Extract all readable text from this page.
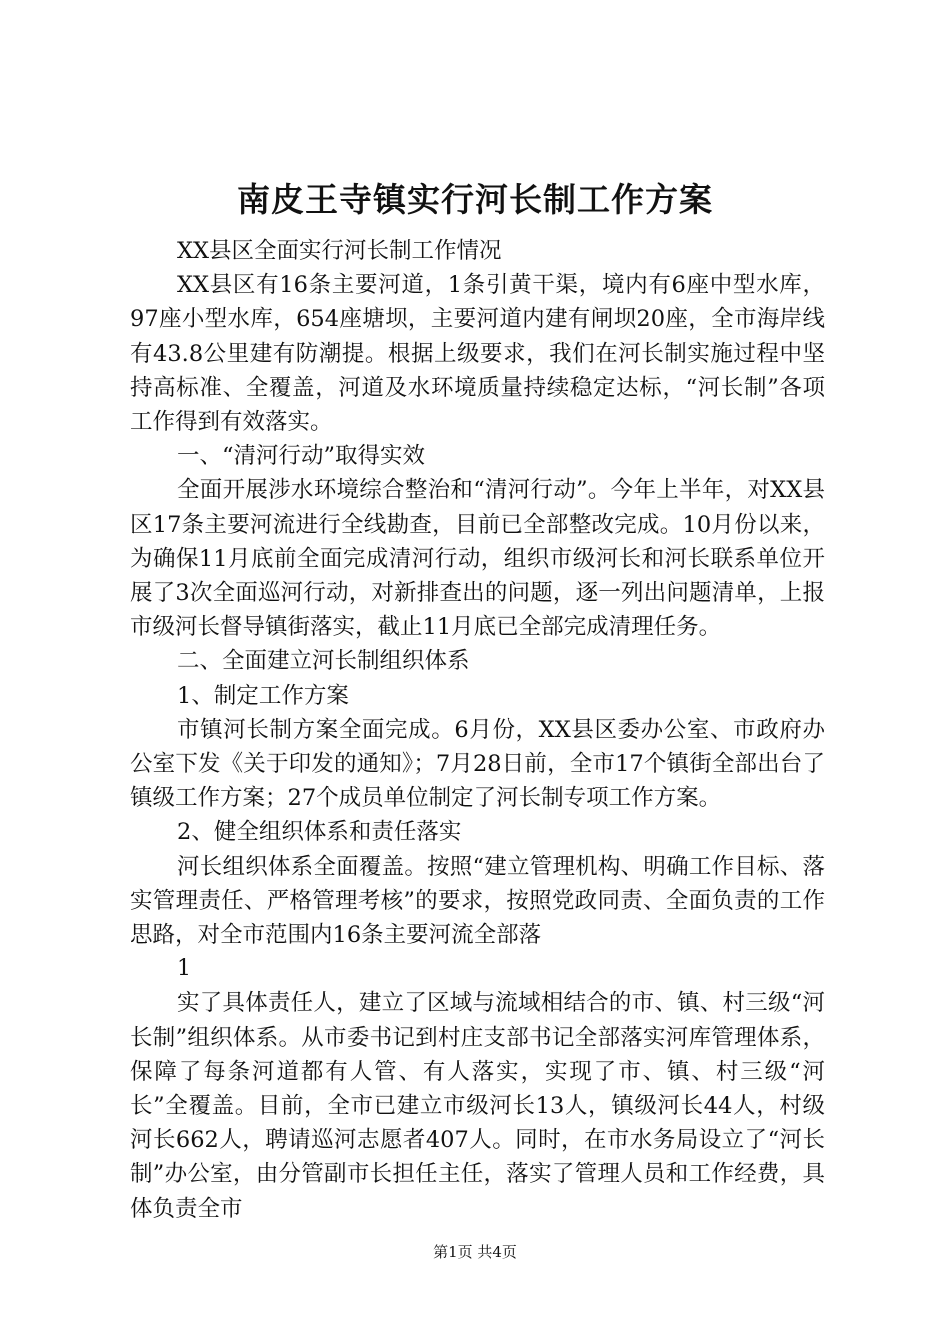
南皮王寺镇实行河长制工作方案

XX县区全面实行河长制工作情况

XX县区有16条主要河道，1条引黄干渠，境内有6座中型水库，97座小型水库，654座塘坝，主要河道内建有闸坝20座，全市海岸线有43.8公里建有防潮提。根据上级要求，我们在河长制实施过程中坚持高标准、全覆盖，河道及水环境质量持续稳定达标，“河长制”各项工作得到有效落实。

一、“清河行动”取得实效

全面开展涉水环境综合整治和“清河行动”。今年上半年，对XX县区17条主要河流进行全线勘查，目前已全部整改完成。10月份以来，为确保11月底前全面完成清河行动，组织市级河长和河长联系单位开展了3次全面巡河行动，对新排查出的问题，逐一列出问题清单，上报市级河长督导镇街落实，截止11月底已全部完成清理任务。

二、全面建立河长制组织体系

1、制定工作方案

市镇河长制方案全面完成。6月份，XX县区委办公室、市政府办公室下发《关于印发的通知》；7月28日前，全市17个镇街全部出台了镇级工作方案；27个成员单位制定了河长制专项工作方案。

2、健全组织体系和责任落实

河长组织体系全面覆盖。按照“建立管理机构、明确工作目标、落实管理责任、严格管理考核”的要求，按照党政同责、全面负责的工作思路，对全市范围内16条主要河流全部落

1

实了具体责任人，建立了区域与流域相结合的市、镇、村三级“河长制”组织体系。从市委书记到村庄支部书记全部落实河库管理体系，保障了每条河道都有人管、有人落实，实现了市、镇、村三级“河长”全覆盖。目前，全市已建立市级河长13人，镇级河长44人，村级河长662人，聘请巡河志愿者407人。同时，在市水务局设立了“河长制”办公室，由分管副市长担任主任，落实了管理人员和工作经费，具体负责全市

第1页 共4页
